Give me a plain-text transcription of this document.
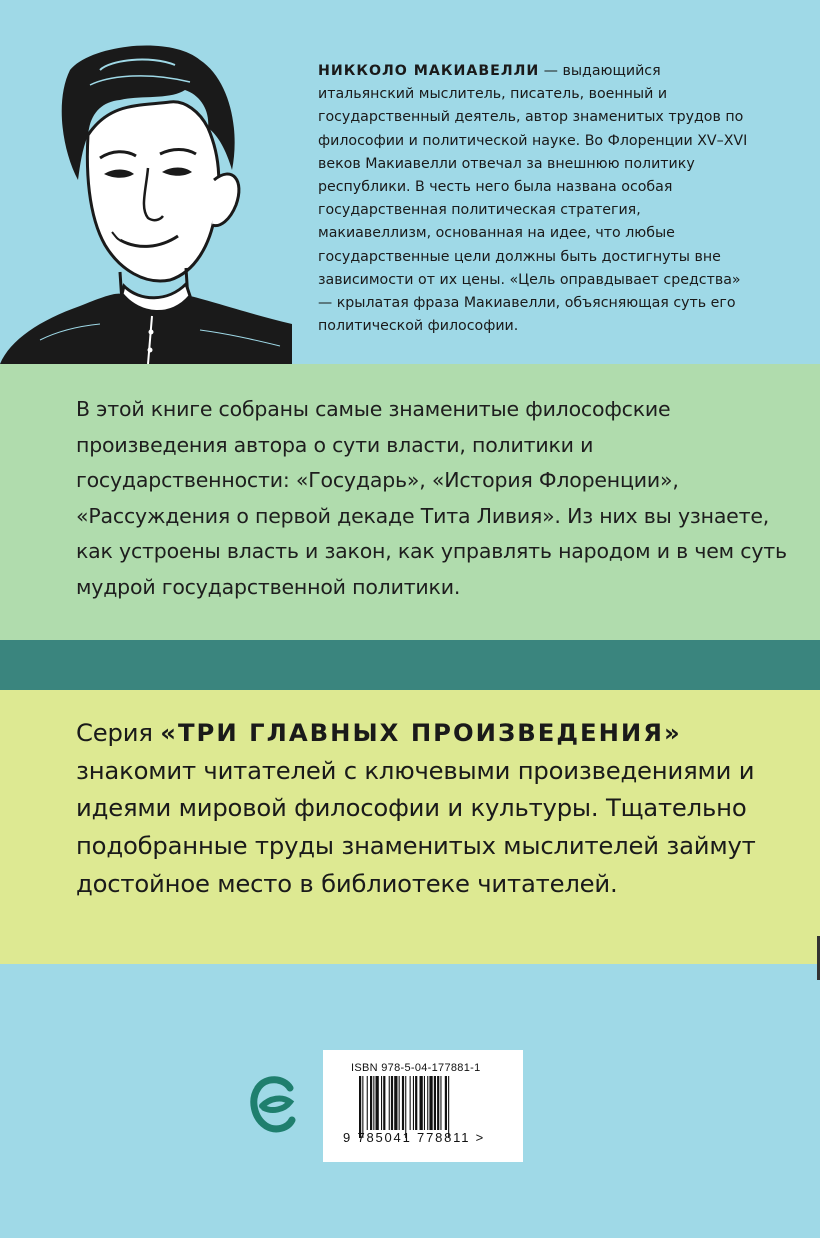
НИККОЛО МАКИАВЕЛЛИ — выдающийся итальянский мыслитель, писатель, военный и государственный деятель, автор знаменитых трудов по философии и политической науке. Во Флоренции XV–XVI веков Макиавелли отвечал за внешнюю политику республики. В честь него была названа особая государственная политическая стратегия, макиавеллизм, основанная на идее, что любые государственные цели должны быть достигнуты вне зависимости от их цены. «Цель оправдывает средства» — крылатая фраза Макиавелли, объясняющая суть его политической философии.

В этой книге собраны самые знаменитые философские произведения автора о сути власти, политики и государственности: «Государь», «История Флоренции», «Рассуждения о первой декаде Тита Ливия». Из них вы узнаете, как устроены власть и закон, как управлять народом и в чем суть мудрой государственной политики.

Серия «ТРИ ГЛАВНЫХ ПРОИЗВЕДЕНИЯ» знакомит читателей с ключевыми произведениями и идеями мировой философии и культуры. Тщательно подобранные труды знаменитых мыслителей займут достойное место в библиотеке читателей.

ISBN 978-5-04-177881-1
9 785041 778811 >
